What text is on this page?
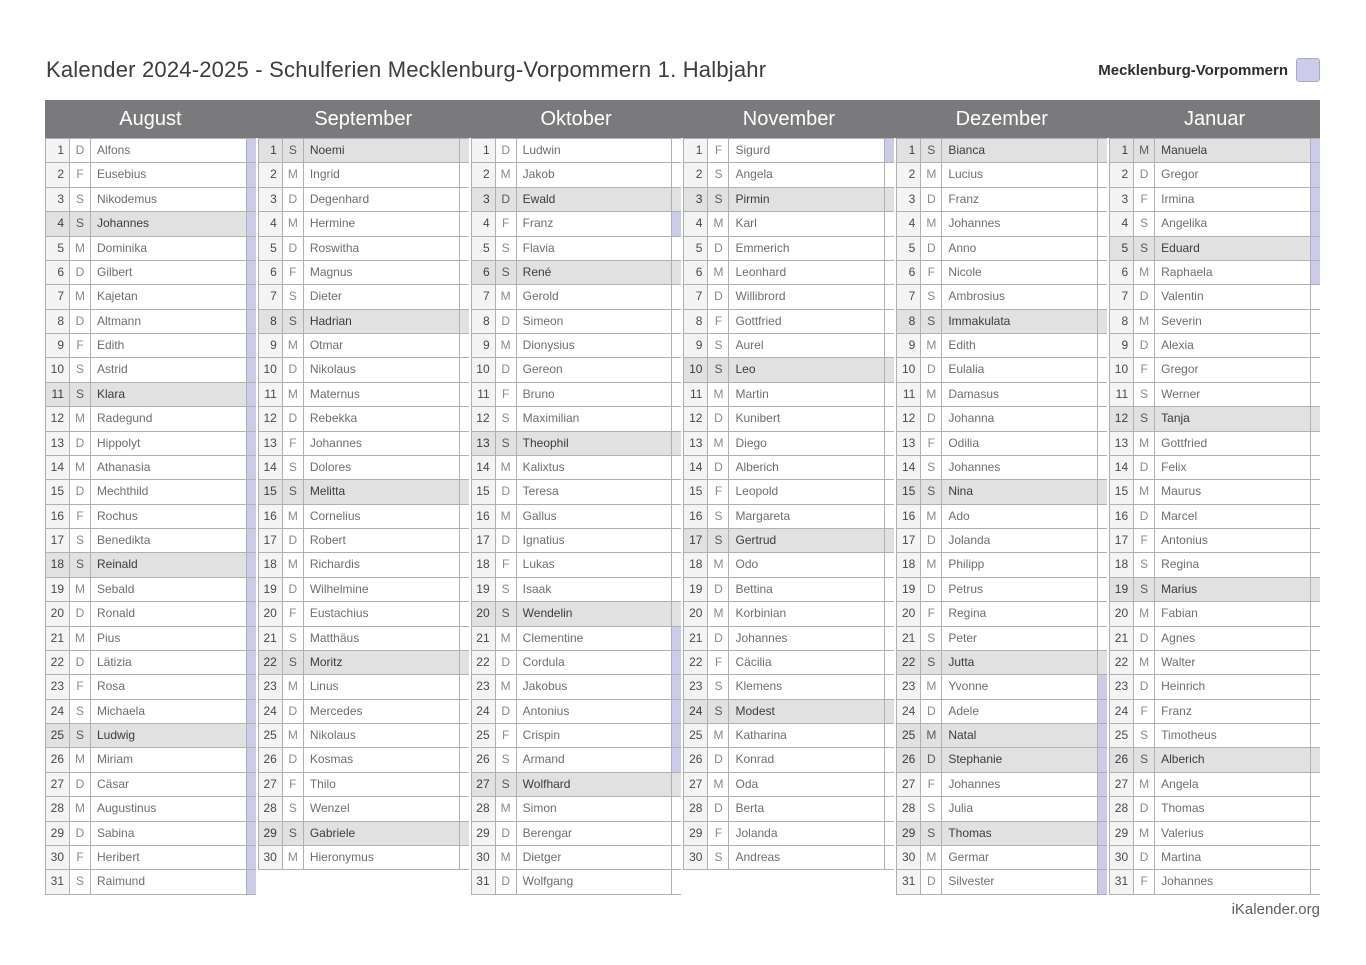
Kalender 2024-2025 - Schulferien Mecklenburg-Vorpommern 1. Halbjahr	Mecklenburg-Vorpommern
August
1 D	Alfons
2	F	Eusebius
3 S	Nikodemus
4 S	Johannes
5 M	Dominika
6 D	Gilbert
7 M	Kajetan
8 D	Altmann
9	F	Edith
10 S	Astrid
11 S	Klara
12 M	Radegund
13 D	Hippolyt
14 M	Athanasia
15 D	Mechthild
16	F	Rochus
17 S	Benedikta
18 S	Reinald
19 M	Sebald
20 D	Ronald
21 M	Pius
22 D	Lätizia
23	F	Rosa
24 S	Michaela
25 S	Ludwig
26 M	Miriam
27 D	Cäsar
28 M	Augustinus
29 D	Sabina
30	F	Heribert
31 S	Raimund
September
1 S	Noemi
2 M	Ingrid
3 D	Degenhard
4 M	Hermine
5 D	Roswitha
6	F	Magnus
7 S	Dieter
8 S	Hadrian
9 M	Otmar
10 D	Nikolaus
11 M	Maternus
12 D	Rebekka
13	F	Johannes
14 S	Dolores
15 S	Melitta
16 M	Cornelius
17 D	Robert
18 M	Richardis
19 D	Wilhelmine
20	F	Eustachius
21 S	Matthäus
22 S	Moritz
23 M	Linus
24 D	Mercedes
25 M	Nikolaus
26 D	Kosmas
27	F	Thilo
28 S	Wenzel
29 S	Gabriele
30 M	Hieronymus
Oktober
1 D	Ludwin
2 M	Jakob
3 D	Ewald
4	F	Franz
5 S	Flavia
6 S	René
7 M	Gerold
8 D	Simeon
9 M	Dionysius
10 D	Gereon
11	F	Bruno
12 S	Maximilian
13 S	Theophil
14 M	Kalixtus
15 D	Teresa
16 M	Gallus
17 D	Ignatius
18	F	Lukas
19 S	Isaak
20 S	Wendelin
21 M	Clementine
22 D	Cordula
23 M	Jakobus
24 D	Antonius
25	F	Crispin
26 S	Armand
27 S	Wolfhard
28 M	Simon
29 D	Berengar
30 M	Dietger
31 D	Wolfgang
November
1	F	Sigurd
2 S	Angela
3 S	Pirmin
4 M	Karl
5 D	Emmerich
6 M	Leonhard
7 D	Willibrord
8	F	Gottfried
9 S	Aurel
10 S	Leo
11 M	Martin
12 D	Kunibert
13 M	Diego
14 D	Alberich
15	F	Leopold
16 S	Margareta
17 S	Gertrud
18 M	Odo
19 D	Bettina
20 M	Korbinian
21 D	Johannes
22	F	Cäcilia
23 S	Klemens
24 S	Modest
25 M	Katharina
26 D	Konrad
27 M	Oda
28 D	Berta
29	F	Jolanda
30 S	Andreas
Dezember
1 S	Bianca
2 M	Lucius
3 D	Franz
4 M	Johannes
5 D	Anno
6	F	Nicole
7 S	Ambrosius
8 S	Immakulata
9 M	Edith
10 D	Eulalia
11 M	Damasus
12 D	Johanna
13	F	Odilia
14 S	Johannes
15 S	Nina
16 M	Ado
17 D	Jolanda
18 M	Philipp
19 D	Petrus
20	F	Regina
21 S	Peter
22 S	Jutta
23 M	Yvonne
24 D	Adele
25 M	Natal
26 D	Stephanie
27	F	Johannes
28 S	Julia
29 S	Thomas
30 M	Germar
31 D	Silvester
Januar
1 M	Manuela
2 D	Gregor
3	F	Irmina
4 S	Angelika
5 S	Eduard
6 M	Raphaela
7 D	Valentin
8 M	Severin
9 D	Alexia
10	F	Gregor
11 S	Werner
12 S	Tanja
13 M	Gottfried
14 D	Felix
15 M	Maurus
16 D	Marcel
17	F	Antonius
18 S	Regina
19 S	Marius
20 M	Fabian
21 D	Agnes
22 M	Walter
23 D	Heinrich
24	F	Franz
25 S	Timotheus
26 S	Alberich
27 M	Angela
28 D	Thomas
29 M	Valerius
30 D	Martina
31	F	Johannes
iKalender.org
